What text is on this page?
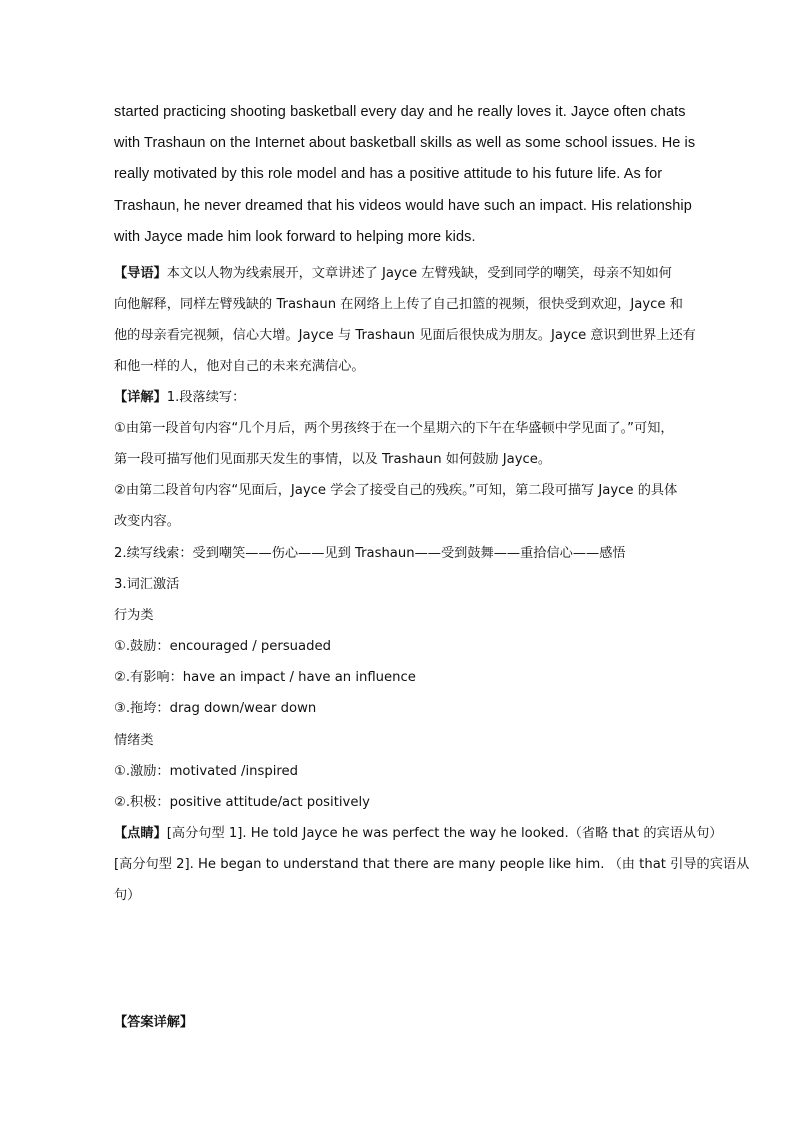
started practicing shooting basketball every day and he really loves it. Jayce often chats
with Trashaun on the Internet about basketball skills as well as some school issues. He is
really motivated by this role model and has a positive attitude to his future life. As for
Trashaun, he never dreamed that his videos would have such an impact. His relationship
with Jayce made him look forward to helping more kids.
【导语】本文以人物为线索展开，文章讲述了 Jayce 左臂残缺，受到同学的嘲笑，母亲不知如何
向他解释，同样左臂残缺的 Trashaun 在网络上上传了自己扣篮的视频，很快受到欢迎，Jayce 和
他的母亲看完视频，信心大增。Jayce 与 Trashaun 见面后很快成为朋友。Jayce 意识到世界上还有
和他一样的人，他对自己的未来充满信心。
【详解】1.段落续写：
①由第一段首句内容“几个月后，两个男孩终于在一个星期六的下午在华盛顿中学见面了。”可知，
第一段可描写他们见面那天发生的事情，以及 Trashaun 如何鼓励 Jayce。
②由第二段首句内容“见面后，Jayce 学会了接受自己的残疾。”可知，第二段可描写 Jayce 的具体
改变内容。
2.续写线索：受到嘲笑——伤心——见到 Trashaun——受到鼓舞——重拾信心——感悟
3.词汇激活
行为类
①.鼓励：encouraged / persuaded
②.有影响：have an impact / have an influence
③.拖垮：drag down/wear down
情绪类
①.激励：motivated /inspired
②.积极：positive attitude/act positively
【点睛】[高分句型 1]. He told Jayce he was perfect the way he looked.（省略 that 的宾语从句）
[高分句型 2]. He began to understand that there are many people like him. （由 that 引导的宾语从
句）
【答案详解】
